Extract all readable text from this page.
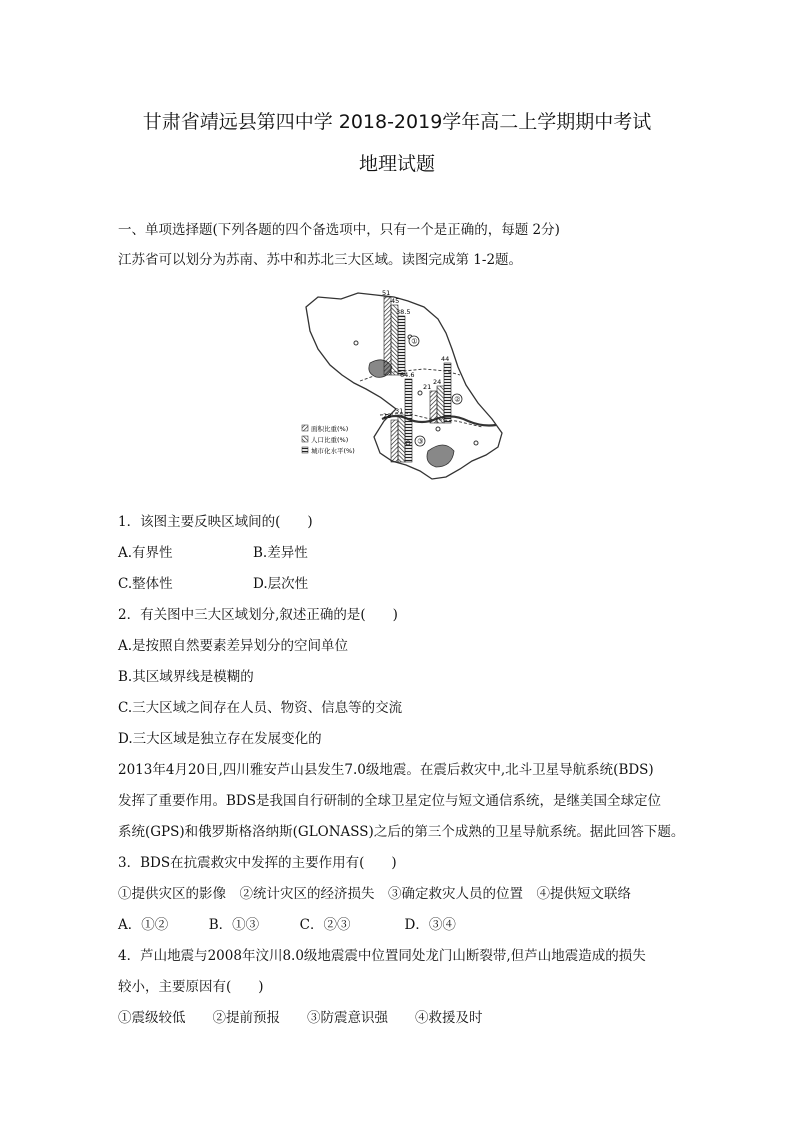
甘肃省靖远县第四中学 2018-2019学年高二上学期期中考试
地理试题
一、单项选择题(下列各题的四个备选项中，只有一个是正确的，每题 2分)
江苏省可以划分为苏南、苏中和苏北三大区域。读图完成第 1-2题。
51
45
38.5
①
21
24
44
②
28
31
64.6
③
面积比重(%)
人口比重(%)
城市化水平(%)
1．该图主要反映区域间的(　　)
A.有界性	B.差异性
C.整体性	D.层次性
2．有关图中三大区域划分,叙述正确的是(　　)
A.是按照自然要素差异划分的空间单位
B.其区域界线是模糊的
C.三大区域之间存在人员、物资、信息等的交流
D.三大区域是独立存在发展变化的
2013年4月20日,四川雅安芦山县发生7.0级地震。在震后救灾中,北斗卫星导航系统(BDS)
发挥了重要作用。BDS是我国自行研制的全球卫星定位与短文通信系统，是继美国全球定位
系统(GPS)和俄罗斯格洛纳斯(GLONASS)之后的第三个成熟的卫星导航系统。据此回答下题。
3．BDS在抗震救灾中发挥的主要作用有(　　)
①提供灾区的影像　②统计灾区的经济损失　③确定救灾人员的位置　④提供短文联络
A．①②　　　B．①③　　　C．②③　　　　D．③④
4．芦山地震与2008年汶川8.0级地震震中位置同处龙门山断裂带,但芦山地震造成的损失
较小，主要原因有(　　)
①震级较低　　②提前预报　　③防震意识强　　④救援及时
